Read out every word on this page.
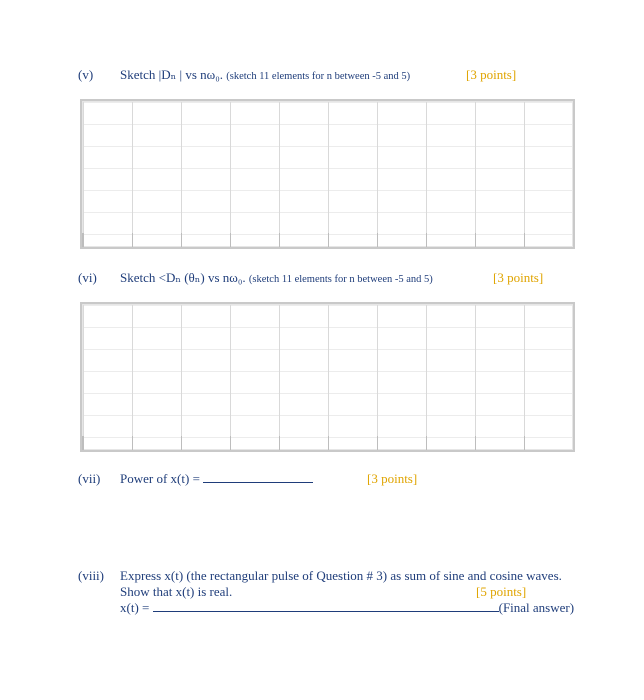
(v) Sketch |Dₙ | vs nω₀. (sketch 11 elements for n between -5 and 5)	[3 points]
(vi) Sketch <Dₙ (θₙ) vs nω₀. (sketch 11 elements for n between -5 and 5)	[3 points]
(vii) Power of x(t) =	[3 points]
(viii) Express x(t) (the rectangular pulse of Question # 3) as sum of sine and cosine waves.
Show that x(t) is real.	[5 points]
x(t) =	(Final answer)
